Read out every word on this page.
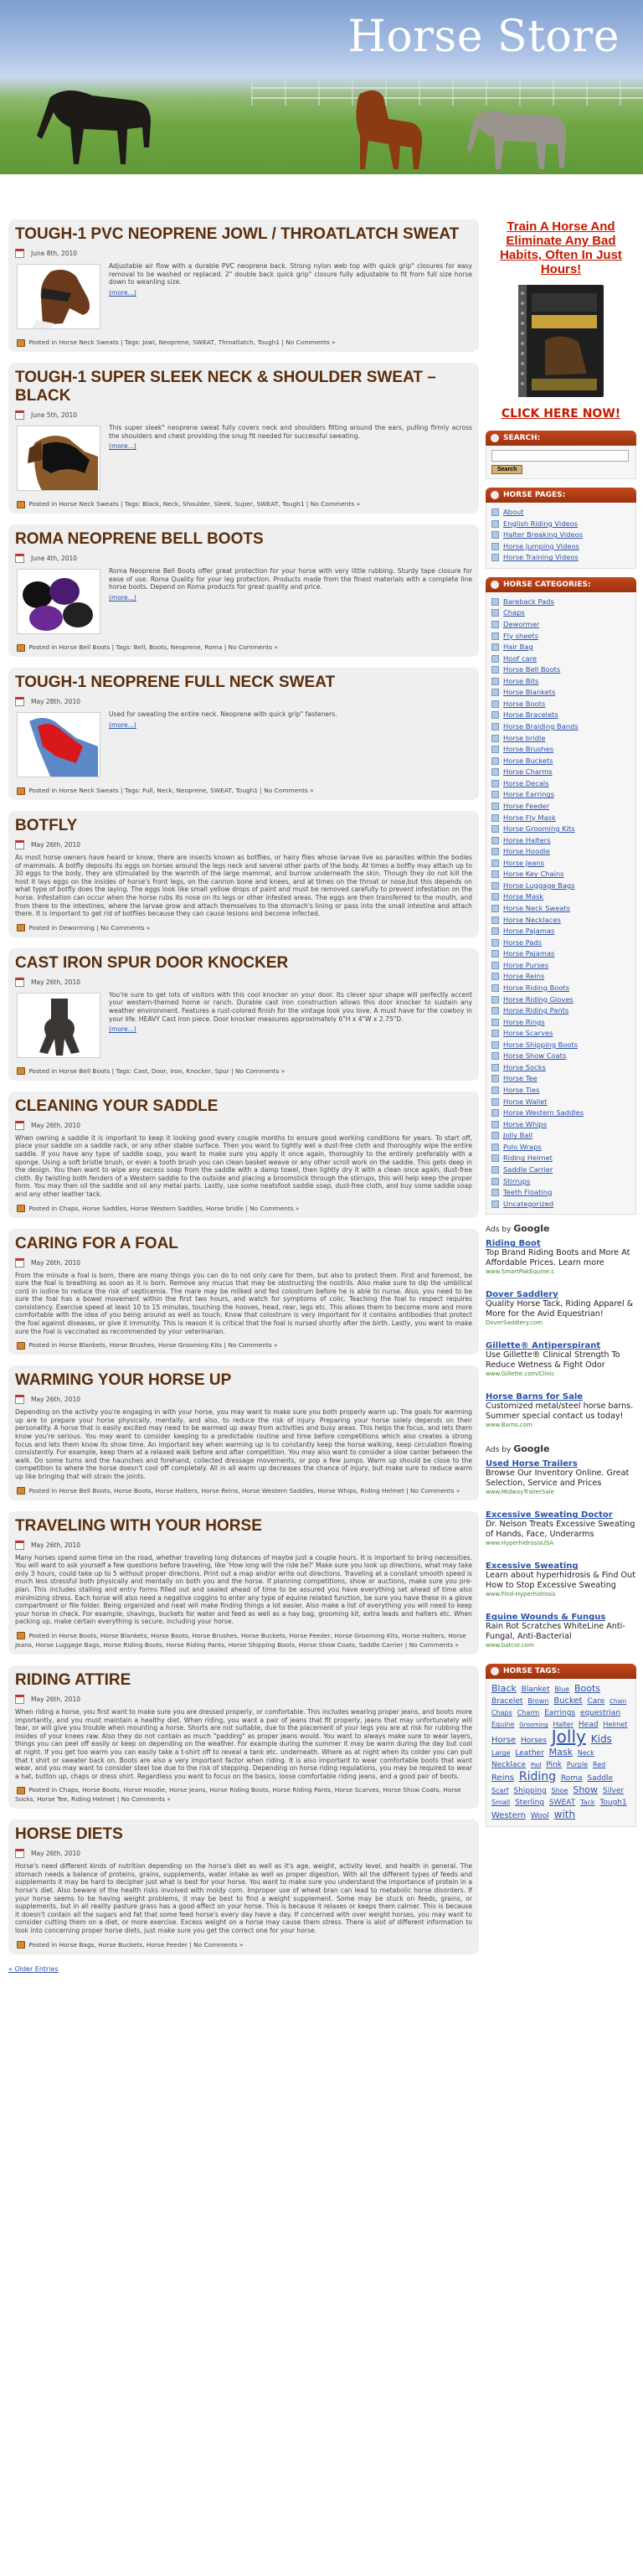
Horse Store
TOUGH-1 PVC NEOPRENE JOWL / THROATLATCH SWEAT
June 8th, 2010
Adjustable air flow with a durable PVC neoprene back. Strong nylon web top with quick grip" closures for easy removal to be washed or replaced. 2" double back quick grip" closure fully adjustable to fit from full size horse down to weanling size.
(more...)
Posted in Horse Neck Sweats | Tags: Jowl, Neoprene, SWEAT, Throatlatch, Tough1 | No Comments »
TOUGH-1 SUPER SLEEK NECK & SHOULDER SWEAT – BLACK
June 5th, 2010
This super sleek" neoprene sweat fully covers neck and shoulders fitting around the ears, pulling firmly across the shoulders and chest providing the snug fit needed for successful sweating.
(more...)
Posted in Horse Neck Sweats | Tags: Black, Neck, Shoulder, Sleek, Super, SWEAT, Tough1 | No Comments »
ROMA NEOPRENE BELL BOOTS
June 4th, 2010
Roma Neoprene Bell Boots offer great protection for your horse with very little rubbing. Sturdy tape closure for ease of use. Roma Quality for your leg protection. Products made from the finest materials with a complete line horse boots. Depend on Roma products for great quality and price.
(more...)
Posted in Horse Bell Boots | Tags: Bell, Boots, Neoprene, Roma | No Comments »
TOUGH-1 NEOPRENE FULL NECK SWEAT
May 28th, 2010
Used for sweating the entire neck. Neoprene with quick grip" fasteners.
(more...)
Posted in Horse Neck Sweats | Tags: Full, Neck, Neoprene, SWEAT, Tough1 | No Comments »
BOTFLY
May 26th, 2010
As most horse owners have heard or know, there are insects known as botflies, or hairy flies whose larvae live as parasites within the bodies of mammals. A botfly deposits its eggs on horses around the legs neck and several other parts of the body. At times a botfly may attach up to 30 eggs to the body, they are stimulated by the warmth of the large mammal, and burrow underneath the skin. Though they do not kill the host it lays eggs on the insides of horse's front legs, on the cannon bone and knees, and at times on the throat or nose,but this depends on what type of botfly does the laying. The eggs look like small yellow drops of paint and must be removed carefully to prevent infestation on the horse. Infestation can occur when the horse rubs its nose on its legs or other infested areas. The eggs are then transferred to the mouth, and from there to the intestines, where the larvae grow and attach themselves to the stomach's lining or pass into the small intestine and attach there. It is important to get rid of botflies because they can cause lesions and become infected.
Posted in Deworming | No Comments »
CAST IRON SPUR DOOR KNOCKER
May 26th, 2010
You're sure to get lots of visitors with this cool knocker on your door. Its clever spur shape will perfectly accent your western-themed home or ranch. Durable cast iron construction allows this door knocker to sustain any weather environment. Features a rust-colored finish for the vintage look you love. A must have for the cowboy in your life. HEAVY Cast iron piece. Door knocker measures approximately 6"H x 4"W x 2.75"D.
(more...)
Posted in Horse Bell Boots | Tags: Cast, Door, Iron, Knocker, Spur | No Comments »
CLEANING YOUR SADDLE
May 26th, 2010
When owning a saddle it is important to keep it looking good every couple months to ensure good working conditions for years. To start off, place your saddle on a saddle rack, or any other stable surface. Then you want to tightly wet a dust-free cloth and thoroughly wipe the entire saddle. If you have any type of saddle soap, you want to make sure you apply it once again, thoroughly to the entirely preferably with a sponge. Using a soft bristle brush, or even a tooth brush you can clean basket weave or any other scroll work on the saddle. This gets deep in the design. You then want to wipe any excess soap from the saddle with a damp towel, then lightly dry it with a clean once again, dust-free cloth. By twisting both fenders of a Western saddle to the outside and placing a broomstick through the stirrups, this will help keep the proper form. You may then oil the saddle and oil any metal parts. Lastly, use some neatsfoot saddle soap, dust-free cloth, and buy some saddle soap and any other leather tack.
Posted in Chaps, Horse Saddles, Horse Western Saddles, Horse bridle | No Comments »
CARING FOR A FOAL
May 26th, 2010
From the minute a foal is born, there are many things you can do to not only care for them, but also to protect them. First and foremost, be sure the foal is breathing as soon as it is born. Remove any mucus that may be obstructing the nostrils. Also make sure to dip the umbilical cord in iodine to reduce the risk of septicemia. The mare may be milked and fed colostrum before he is able to nurse. Also, you need to be sure the foal has a bowel movement within the first two hours, and watch for symptoms of colic. Teaching the foal to respect requires consistency. Exercise speed at least 10 to 15 minutes, touching the hooves, head, rear, legs etc. This allows them to become more and more comfortable with the idea of you being around as well as touch. Know that colostrum is very important for it contains antibodies that protect the foal against diseases, or give it immunity. This is reason it is critical that the foal is nursed shortly after the birth. Lastly, you want to make sure the foal is vaccinated as recommended by your veterinarian.
Posted in Horse Blankets, Horse Brushes, Horse Grooming Kits | No Comments »
WARMING YOUR HORSE UP
May 26th, 2010
Depending on the activity you're engaging in with your horse, you may want to make sure you both properly warm up. The goals for warming up are to prepare your horse physically, mentally, and also, to reduce the risk of injury. Preparing your horse solely depends on their personality. A horse that is easily excited may need to be warmed up away from activities and busy areas. This helps the focus, and lets them know you're serious. You may want to consider keeping to a predictable routine and time before competitions which also creates a strong focus and lets them know its show time. An important key when warming up is to constantly keep the horse walking, keep circulation flowing consistently. For example, keep them at a relaxed walk before and after competition. You may also want to consider a slow canter between the walk. Do some turns and the haunches and forehand, collected dressage movements, or pop a few jumps. Warm up should be close to the competition to where the horse doesn't cool off completely. All in all warm up decreases the chance of injury, but make sure to reduce warm up like bringing that will strain the joints.
Posted in Horse Bell Boots, Horse Boots, Horse Halters, Horse Reins, Horse Western Saddles, Horse Whips, Riding Helmet | No Comments »
TRAVELING WITH YOUR HORSE
May 26th, 2010
Many horses spend some time on the road, whether traveling long distances of maybe just a couple hours. It is important to bring necessities. You will want to ask yourself a few questions before traveling, like 'How long will the ride be?' Make sure you look up directions, what may take only 3 hours, could take up to 5 without proper directions. Print out a map and/or write out directions. Traveling at a constant smooth speed is much less stressful both physically and mentally on both you and the horse. If planning competitions, show or auctions, make sure you pre-plan. This includes stalling and entry forms filled out and sealed ahead of time to be assured you have everything set ahead of time also minimizing stress. Each horse will also need a negative coggins to enter any type of equine related function, be sure you have these in a glove compartment or file folder. Being organized and neat will make finding things a lot easier. Also make a list of everything you will need to keep your horse in check. For example, shavings, buckets for water and feed as well as a hay bag, grooming kit, extra leads and halters etc. When packing up, make certain everything is secure, including your horse.
Posted in Horse Boots, Horse Blankets, Horse Boots, Horse Brushes, Horse Buckets, Horse Feeder, Horse Grooming Kits, Horse Halters, Horse Jeans, Horse Luggage Bags, Horse Riding Boots, Horse Riding Pants, Horse Shipping Boots, Horse Show Coats, Saddle Carrier | No Comments »
RIDING ATTIRE
May 26th, 2010
When riding a horse, you first want to make sure you are dressed properly, or comfortable. This includes wearing proper jeans, and boots more importantly, and you must maintain a healthy diet. When riding, you want a pair of jeans that fit properly, jeans that may unfortunately will tear, or will give you trouble when mounting a horse. Shorts are not suitable, due to the placement of your legs you are at risk for rubbing the insides of your knees raw. Also they do not contain as much "padding" as proper jeans would. You want to always make sure to wear layers, things you can peel off easily or keep on depending on the weather. For example during the summer it may be warm during the day but cool at night. If you get too warm you can easily take a t-shirt off to reveal a tank etc. underneath. Where as at night when its colder you can pull that t shirt or sweater back on. Boots are also a very important factor when riding. It is also important to wear comfortable boots that want wear, and you may want to consider steel toe due to the risk of stepping. Depending on horse riding regulations, you may be required to wear a hat, button up, chaps or dress shirt. Regardless you want to focus on the basics, loose comfortable riding jeans, and a good pair of boots.
Posted in Chaps, Horse Boots, Horse Hoodie, Horse Jeans, Horse Riding Boots, Horse Riding Pants, Horse Scarves, Horse Show Coats, Horse Socks, Horse Tee, Riding Helmet | No Comments »
HORSE DIETS
May 26th, 2010
Horse's need different kinds of nutrition depending on the horse's diet as well as it's age, weight, activity level, and health in general. The stomach needs a balance of proteins, grains, supplements, water intake as well as proper digestion. With all the different types of feeds and supplements it may be hard to decipher just what is best for your horse. You want to make sure you understand the importance of protein in a horse's diet. Also beware of the health risks involved with moldy corn. Improper use of wheat bran can lead to metabolic horse disorders. If your horse seems to be having weight problems, it may be best to find a weight supplement. Some may be stuck on feeds, grains, or supplements, but in all reality pasture grass has a good effect on your horse. This is because it relaxes or keeps them calmer. This is because it doesn't contain all the sugars and fat that some feed horse's every day have a day. If concerned with over weight horses, you may want to consider cutting them on a diet, or more exercise. Excess weight on a horse may cause them stress. There is alot of different information to look into concerning proper horse diets, just make sure you get the correct one for your horse.
Posted in Horse Bags, Horse Buckets, Horse Feeder | No Comments »
« Older Entries
Train A Horse And Eliminate Any Bad Habits, Often In Just Hours!
CLICK HERE NOW!
SEARCH:
Search
HORSE PAGES:
About
English Riding Videos
Halter Breaking Videos
Horse Jumping Videos
Horse Training Videos
HORSE CATEGORIES:
Bareback Pads
Chaps
Dewormer
Fly sheets
Hair Bag
Hoof care
Horse Bell Boots
Horse Bits
Horse Blankets
Horse Boots
Horse Bracelets
Horse Braiding Bands
Horse bridle
Horse Brushes
Horse Buckets
Horse Charms
Horse Decals
Horse Earrings
Horse Feeder
Horse Fly Mask
Horse Grooming Kits
Horse Halters
Horse Hoodie
Horse Jeans
Horse Key Chains
Horse Luggage Bags
Horse Mask
Horse Neck Sweats
Horse Necklaces
Horse Pajamas
Horse Pads
Horse Pajamas
Horse Purses
Horse Reins
Horse Riding Boots
Horse Riding Gloves
Horse Riding Pants
Horse Rings
Horse Scarves
Horse Shipping Boots
Horse Show Coats
Horse Socks
Horse Tee
Horse Ties
Horse Wallet
Horse Western Saddles
Horse Whips
Jolly Ball
Polo Wraps
Riding Helmet
Saddle Carrier
Stirrups
Teeth Floating
Uncategorized
Ads by Google
Riding Boot
Top Brand Riding Boots and More At Affordable Prices. Learn more
www.SmartPakEquine.c
Dover Saddlery
Quality Horse Tack, Riding Apparel & More for the Avid Equestrian!
DoverSaddlery.com
Gillette® Antiperspirant
Use Gillette® Clinical Strength To Reduce Wetness & Fight Odor
www.Gillette.com/Clinic
Horse Barns for Sale
Customized metal/steel horse barns. Summer special contact us today!
www.Barns.com
Ads by Google
Used Horse Trailers
Browse Our Inventory Online. Great Selection, Service and Prices
www.MidwayTrailerSale
Excessive Sweating Doctor
Dr. Nelson Treats Excessive Sweating of Hands, Face, Underarms
www.HyperhidrosisUSA
Excessive Sweating
Learn about hyperhidrosis & Find Out How to Stop Excessive Sweating
www.Find-Hyperhidrosis
Equine Wounds & Fungus
Rain Rot Scratches WhiteLine Anti-Fungal, Anti-Bacterial
www.batcor.com
HORSE TAGS:
Black Blanket Blue Boots Bracelet Brown Bucket Care Chain Chaps Charm Earrings equestrian Equine Grooming Halter Head Helmet Horse Horses Jolly Kids Large Leather Mask Neck Necklace Pad Pink Purple Red Reins Riding Roma Saddle Scarf Shipping Shoe Show Silver Small Sterling SWEAT Tack Tough1 Western Wool with
